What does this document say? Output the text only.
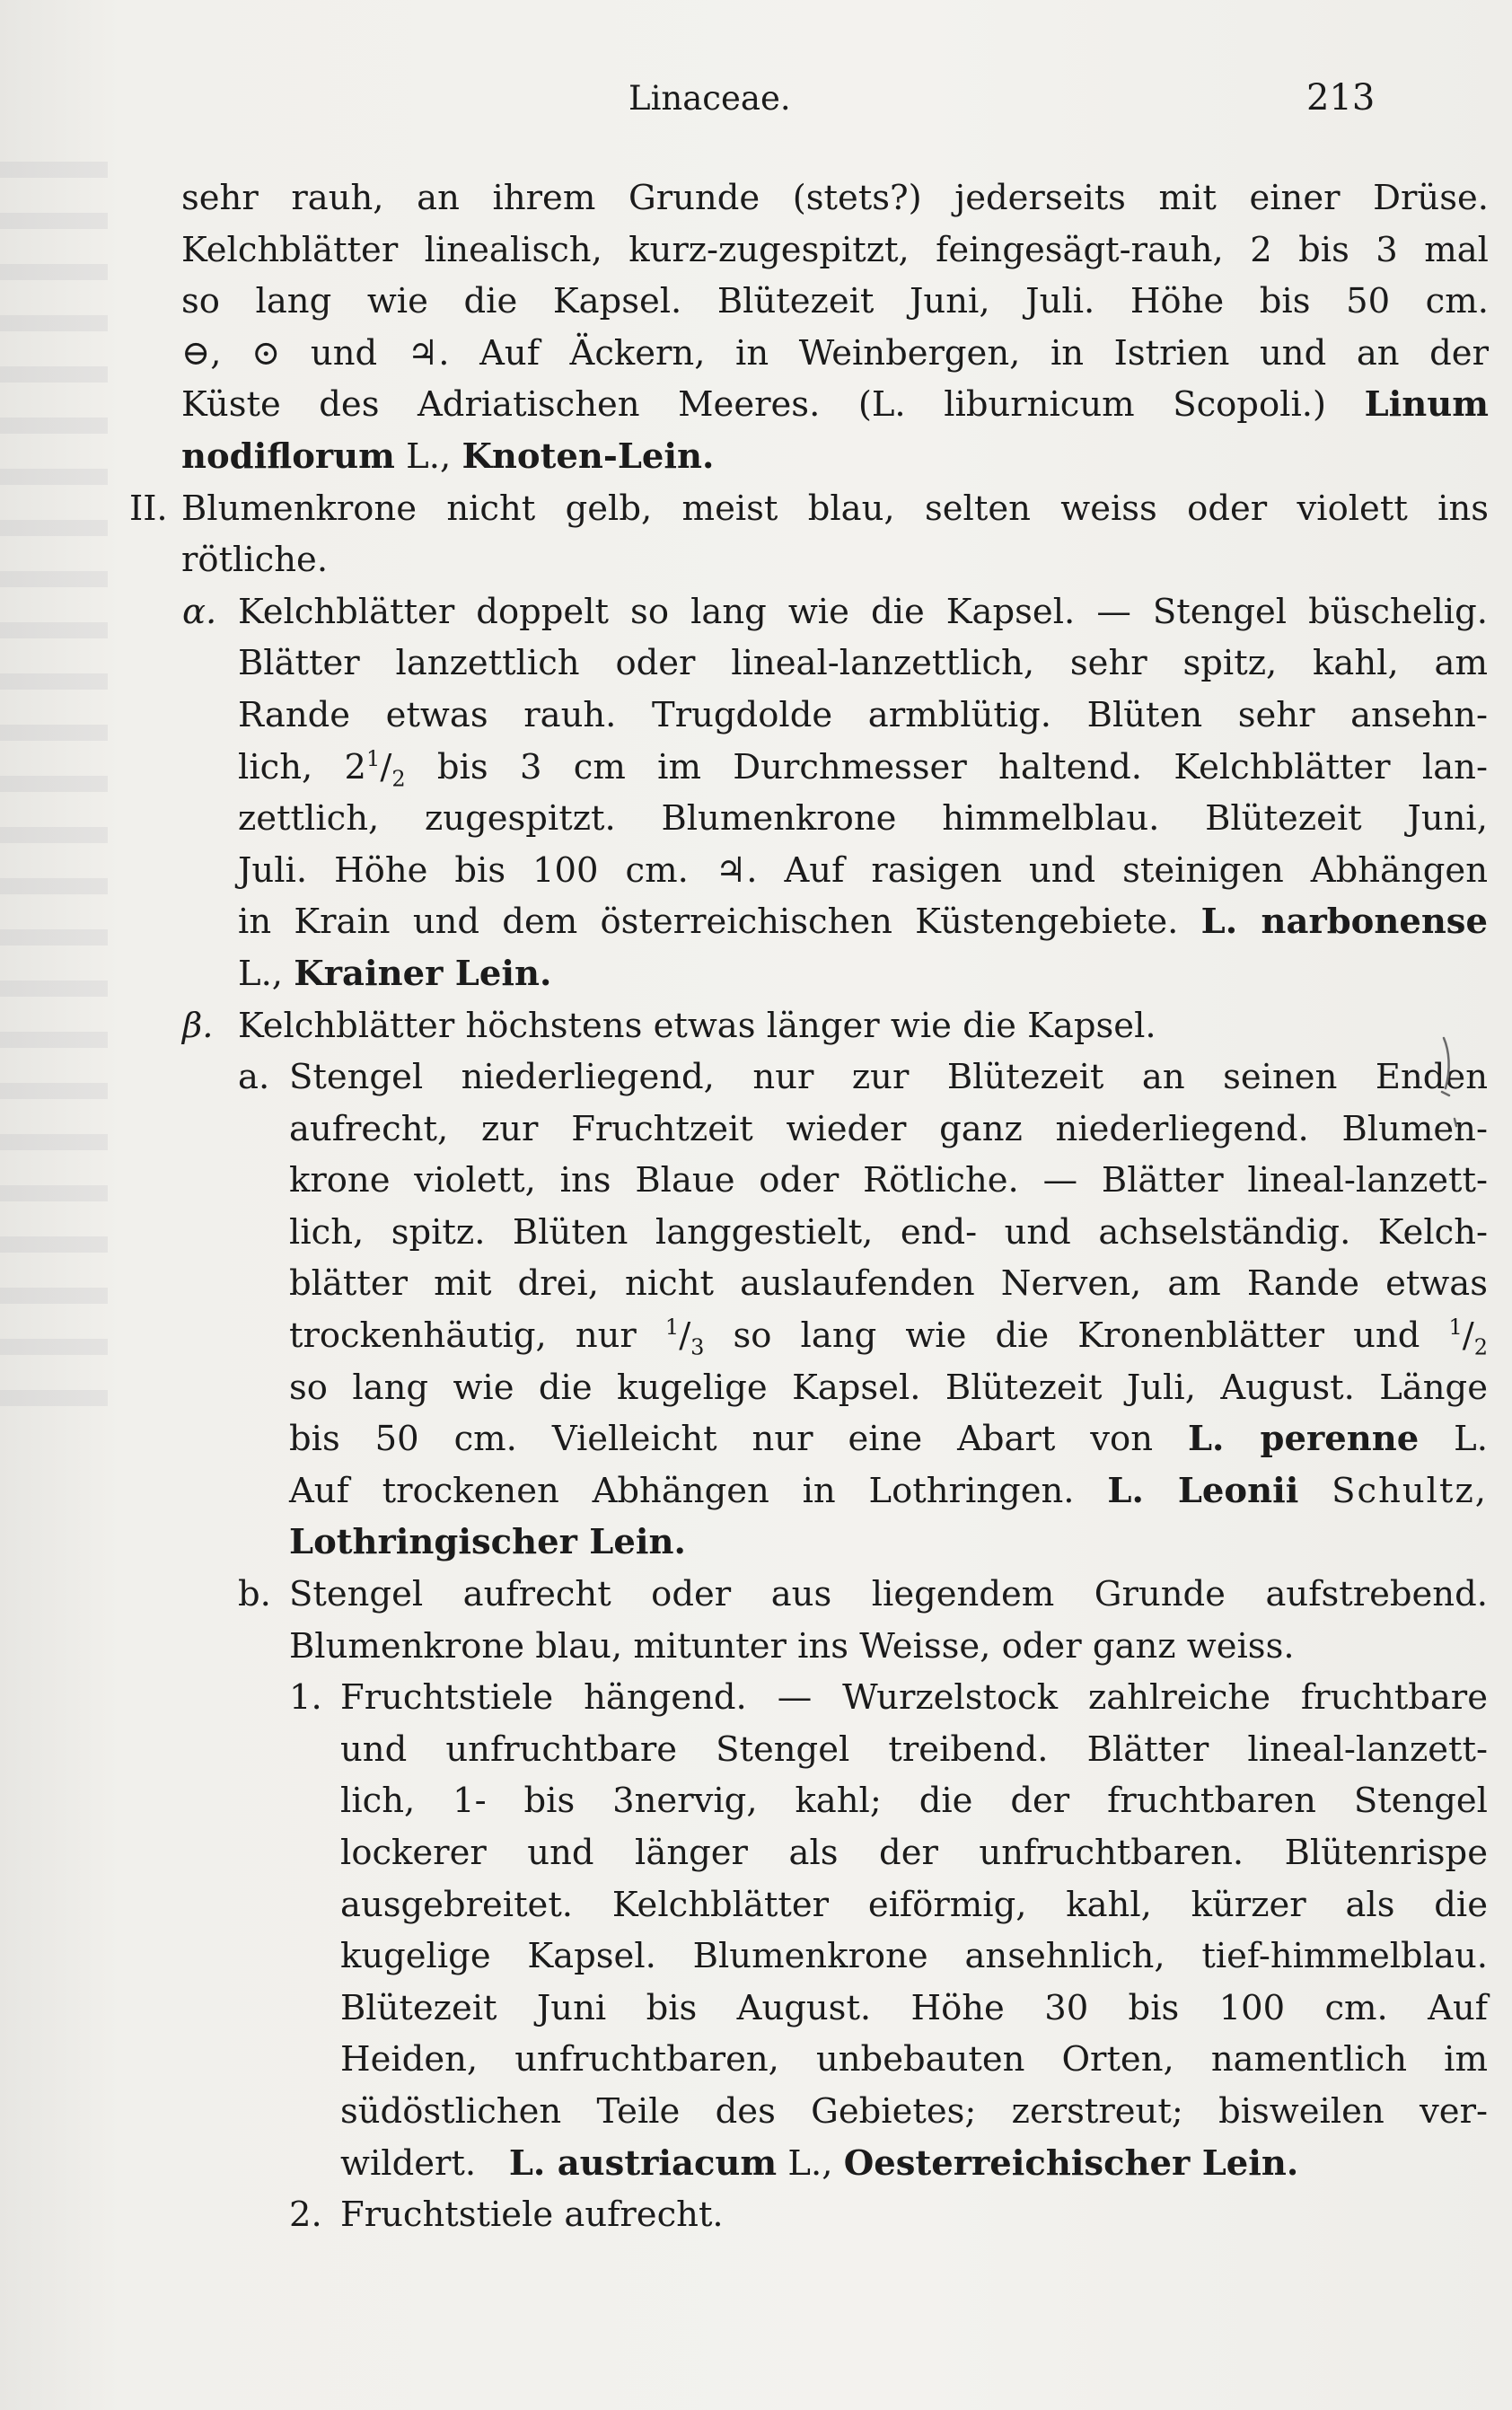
Linaceae.	213
sehr rauh, an ihrem Grunde (stets?) jederseits mit einer Drüse.
Kelchblätter linealisch, kurz-zugespitzt, feingesägt-rauh, 2 bis 3 mal
so lang wie die Kapsel. Blütezeit Juni, Juli. Höhe bis 50 cm.
⊖, ⊙ und ♃. Auf Äckern, in Weinbergen, in Istrien und an der
Küste des Adriatischen Meeres. (L. liburnicum Scopoli.) Linum
nodiflorum L., Knoten-Lein.
II. Blumenkrone nicht gelb, meist blau, selten weiss oder violett ins
rötliche.
α. Kelchblätter doppelt so lang wie die Kapsel. — Stengel büschelig.
Blätter lanzettlich oder lineal-lanzettlich, sehr spitz, kahl, am
Rande etwas rauh. Trugdolde armblütig. Blüten sehr ansehn-
lich, $2^1/_2$ bis 3 cm im Durchmesser haltend. Kelchblätter lan-
zettlich, zugespitzt. Blumenkrone himmelblau. Blütezeit Juni,
Juli. Höhe bis 100 cm. ♃. Auf rasigen und steinigen Abhängen
in Krain und dem österreichischen Küstengebiete. L. narbonense
L., Krainer Lein.
β. Kelchblätter höchstens etwas länger wie die Kapsel.
a. Stengel niederliegend, nur zur Blütezeit an seinen Enden
aufrecht, zur Fruchtzeit wieder ganz niederliegend. Blumen-
krone violett, ins Blaue oder Rötliche. — Blätter lineal-lanzett-
lich, spitz. Blüten langgestielt, end- und achselständig. Kelch-
blätter mit drei, nicht auslaufenden Nerven, am Rande etwas
trockenhäutig, nur $^1/_3$ so lang wie die Kronenblätter und $^1/_2$
so lang wie die kugelige Kapsel. Blütezeit Juli, August. Länge
bis 50 cm. Vielleicht nur eine Abart von L. perenne L.
Auf trockenen Abhängen in Lothringen. L. Leonii Schultz,
Lothringischer Lein.
b. Stengel aufrecht oder aus liegendem Grunde aufstrebend.
Blumenkrone blau, mitunter ins Weisse, oder ganz weiss.
1. Fruchtstiele hängend. — Wurzelstock zahlreiche fruchtbare
und unfruchtbare Stengel treibend. Blätter lineal-lanzett-
lich, 1- bis 3nervig, kahl; die der fruchtbaren Stengel
lockerer und länger als der unfruchtbaren. Blütenrispe
ausgebreitet. Kelchblätter eiförmig, kahl, kürzer als die
kugelige Kapsel. Blumenkrone ansehnlich, tief-himmelblau.
Blütezeit Juni bis August. Höhe 30 bis 100 cm. Auf
Heiden, unfruchtbaren, unbebauten Orten, namentlich im
südöstlichen Teile des Gebietes; zerstreut; bisweilen ver-
wildert. L. austriacum L., Oesterreichischer Lein.
2. Fruchtstiele aufrecht.
